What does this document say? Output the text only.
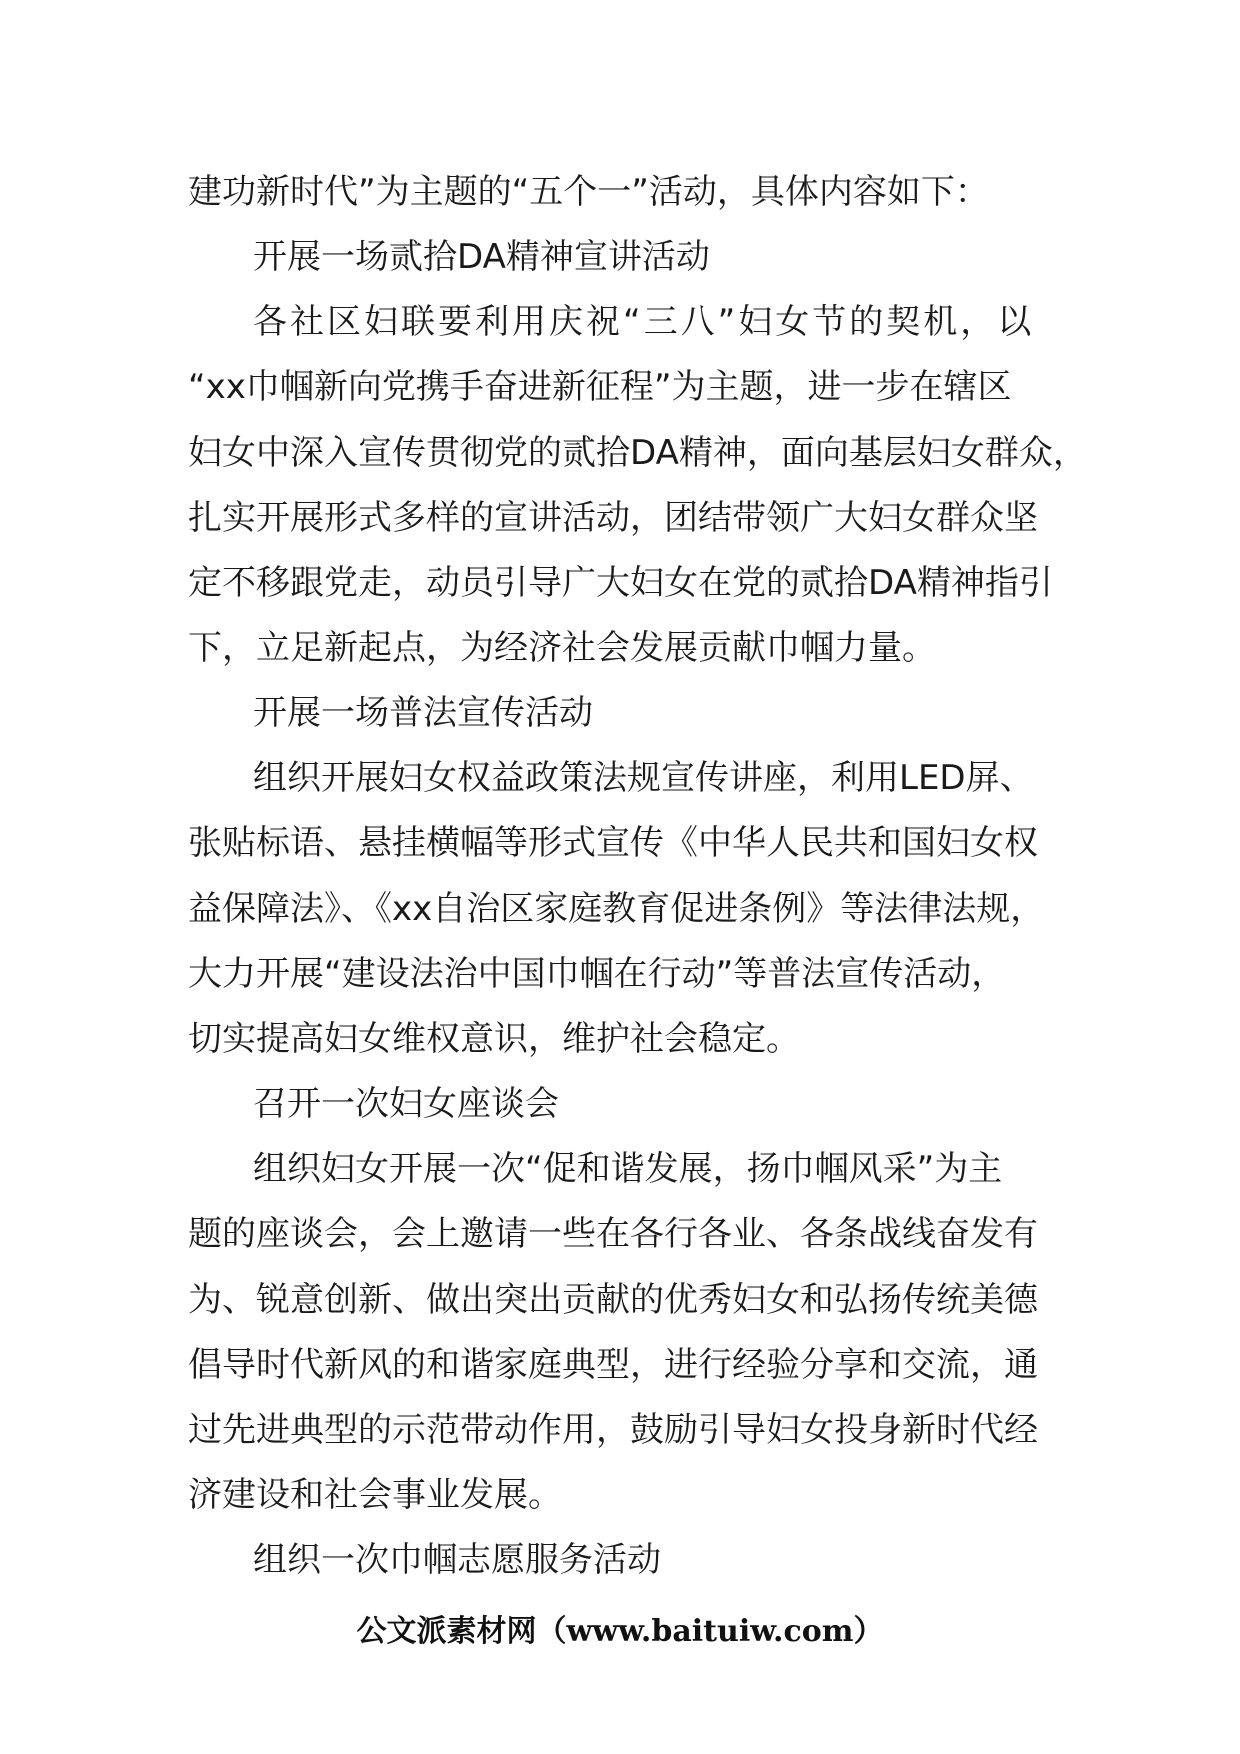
建功新时代”为主题的“五个一”活动，具体内容如下：
开展一场贰拾DA精神宣讲活动
各社区妇联要利用庆祝“三八”妇女节的契机，以
“xx巾帼新向党携手奋进新征程”为主题，进一步在辖区
妇女中深入宣传贯彻党的贰拾DA精神，面向基层妇女群众，
扎实开展形式多样的宣讲活动，团结带领广大妇女群众坚
定不移跟党走，动员引导广大妇女在党的贰拾DA精神指引
下，立足新起点，为经济社会发展贡献巾帼力量。
开展一场普法宣传活动
组织开展妇女权益政策法规宣传讲座，利用LED屏、
张贴标语、悬挂横幅等形式宣传《中华人民共和国妇女权
益保障法》、《xx自治区家庭教育促进条例》等法律法规，
大力开展“建设法治中国巾帼在行动”等普法宣传活动，
切实提高妇女维权意识，维护社会稳定。
召开一次妇女座谈会
组织妇女开展一次“促和谐发展，扬巾帼风采”为主
题的座谈会，会上邀请一些在各行各业、各条战线奋发有
为、锐意创新、做出突出贡献的优秀妇女和弘扬传统美德
倡导时代新风的和谐家庭典型，进行经验分享和交流，通
过先进典型的示范带动作用，鼓励引导妇女投身新时代经
济建设和社会事业发展。
组织一次巾帼志愿服务活动
公文派素材网（www.baituiw.com）
